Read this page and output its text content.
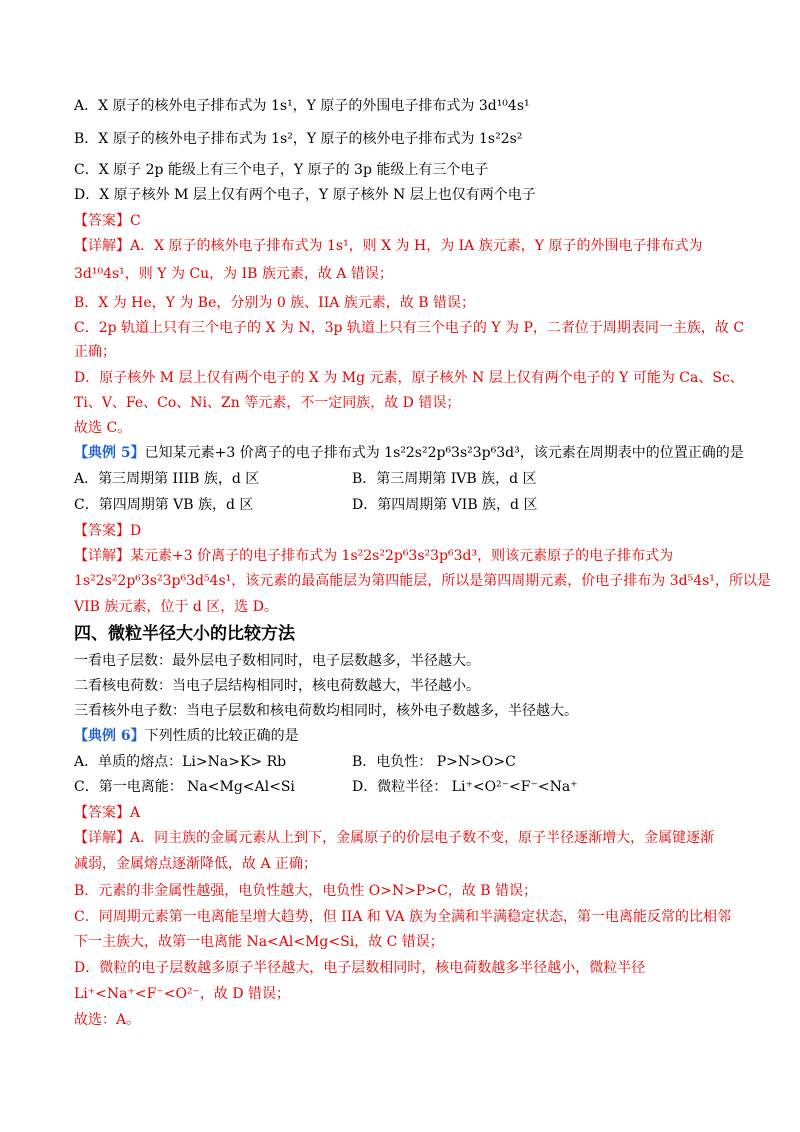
A．X 原子的核外电子排布式为 1s¹，Y 原子的外围电子排布式为 3d¹⁰4s¹
B．X 原子的核外电子排布式为 1s²，Y 原子的核外电子排布式为 1s²2s²
C．X 原子 2p 能级上有三个电子，Y 原子的 3p 能级上有三个电子
D．X 原子核外 M 层上仅有两个电子，Y 原子核外 N 层上也仅有两个电子
【答案】C
【详解】A．X 原子的核外电子排布式为 1s¹，则 X 为 H，为 IA 族元素，Y 原子的外围电子排布式为
3d¹⁰4s¹，则 Y 为 Cu，为 IB 族元素，故 A 错误；
B．X 为 He，Y 为 Be，分别为 0 族、IIA 族元素，故 B 错误；
C．2p 轨道上只有三个电子的 X 为 N，3p 轨道上只有三个电子的 Y 为 P，二者位于周期表同一主族，故 C
正确；
D．原子核外 M 层上仅有两个电子的 X 为 Mg 元素，原子核外 N 层上仅有两个电子的 Y 可能为 Ca、Sc、
Ti、V、Fe、Co、Ni、Zn 等元素，不一定同族，故 D 错误；
故选 C。
【典例 5】已知某元素+3 价离子的电子排布式为 1s²2s²2p⁶3s²3p⁶3d³，该元素在周期表中的位置正确的是
A．第三周期第 IIIB 族，d 区	B．第三周期第 IVB 族，d 区
C．第四周期第 VB 族，d 区	D．第四周期第 VIB 族，d 区
【答案】D
【详解】某元素+3 价离子的电子排布式为 1s²2s²2p⁶3s²3p⁶3d³，则该元素原子的电子排布式为
1s²2s²2p⁶3s²3p⁶3d⁵4s¹，该元素的最高能层为第四能层，所以是第四周期元素，价电子排布为 3d⁵4s¹，所以是
VIB 族元素，位于 d 区，选 D。
四、微粒半径大小的比较方法
一看电子层数：最外层电子数相同时，电子层数越多，半径越大。
二看核电荷数：当电子层结构相同时，核电荷数越大，半径越小。
三看核外电子数：当电子层数和核电荷数均相同时，核外电子数越多，半径越大。
【典例 6】下列性质的比较正确的是
A．单质的熔点：Li>Na>K> Rb	B．电负性： P>N>O>C
C．第一电离能： Na<Mg<Al<Si	D．微粒半径： Li⁺<O²⁻<F⁻<Na⁺
【答案】A
【详解】A．同主族的金属元素从上到下，金属原子的价层电子数不变，原子半径逐渐增大，金属键逐渐
减弱，金属熔点逐渐降低，故 A 正确；
B．元素的非金属性越强，电负性越大，电负性 O>N>P>C，故 B 错误；
C．同周期元素第一电离能呈增大趋势，但 IIA 和 VA 族为全满和半满稳定状态，第一电离能反常的比相邻
下一主族大，故第一电离能 Na<Al<Mg<Si，故 C 错误；
D．微粒的电子层数越多原子半径越大，电子层数相同时，核电荷数越多半径越小，微粒半径
Li⁺<Na⁺<F⁻<O²⁻，故 D 错误；
故选：A。
